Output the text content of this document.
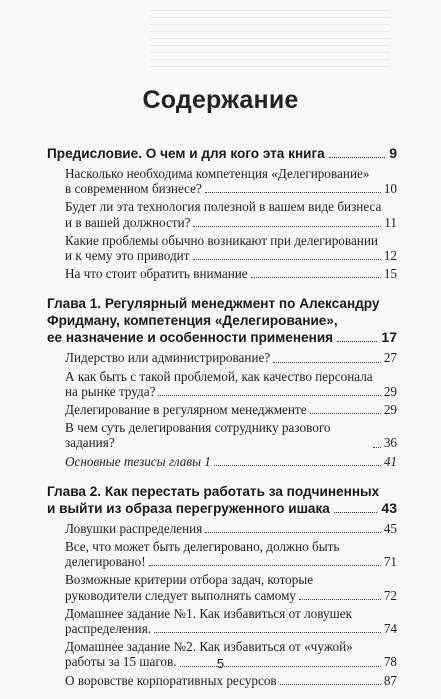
Содержание
Предисловие. О чем и для кого эта книга	9
Насколько необходима компетенция «Делегирование»
в современном бизнесе?	10
Будет ли эта технология полезной в вашем виде бизнеса
и в вашей должности?	11
Какие проблемы обычно возникают при делегировании
и к чему это приводит	12
На что стоит обратить внимание	15
Глава 1. Регулярный менеджмент по Александру
Фридману, компетенция «Делегирование»,
ее назначение и особенности применения	17
Лидерство или администрирование?	27
А как быть с такой проблемой, как качество персонала
на рынке труда?	29
Делегирование в регулярном менеджменте	29
В чем суть делегирования сотруднику разового задания?	36
Основные тезисы главы 1	41
Глава 2. Как перестать работать за подчиненных
и выйти из образа перегруженного ишака	43
Ловушки распределения	45
Все, что может быть делегировано, должно быть
делегировано!	71
Возможные критерии отбора задач, которые
руководители следует выполнять самому	72
Домашнее задание №1. Как избавиться от ловушек
распределения.	74
Домашнее задание №2. Как избавиться от «чужой»
работы за 15 шагов.	78
О воровстве корпоративных ресурсов	87
5
